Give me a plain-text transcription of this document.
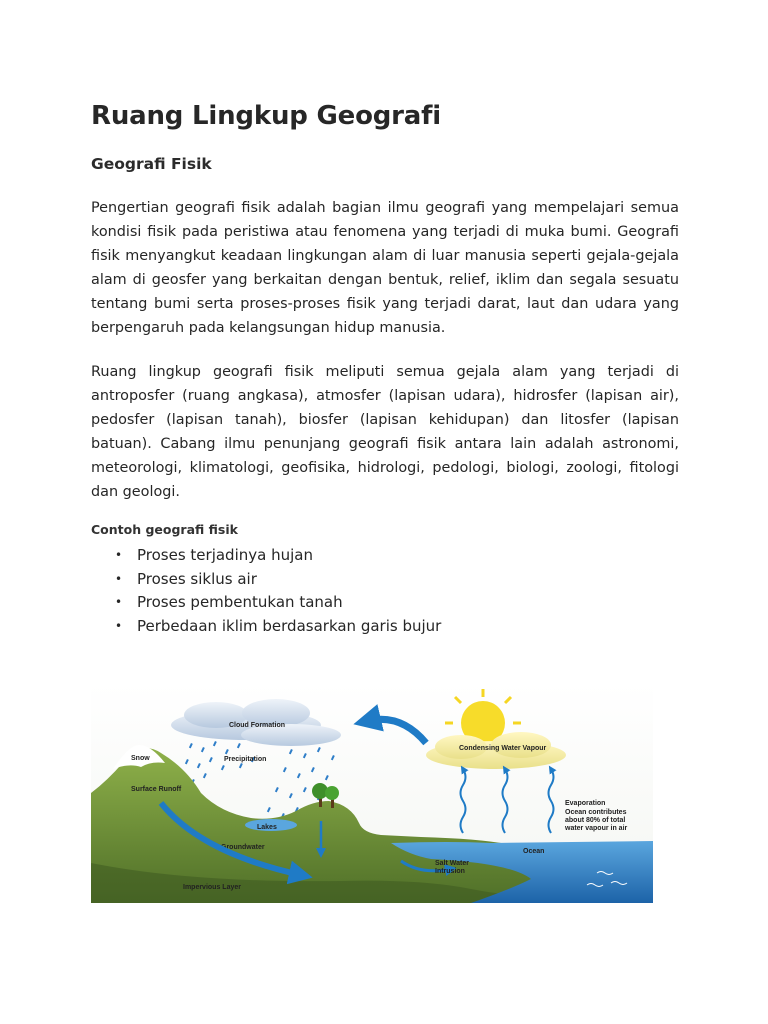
Ruang Lingkup Geografi
Geografi Fisik

Pengertian geografi fisik adalah bagian ilmu geografi yang mempelajari semua kondisi fisik pada peristiwa atau fenomena yang terjadi di muka bumi. Geografi fisik menyangkut keadaan lingkungan alam di luar manusia seperti gejala-gejala alam di geosfer yang berkaitan dengan bentuk, relief, iklim dan segala sesuatu tentang bumi serta proses-proses fisik yang terjadi darat, laut dan udara yang berpengaruh pada kelangsungan hidup manusia.

Ruang lingkup geografi fisik meliputi semua gejala alam yang terjadi di antroposfer (ruang angkasa), atmosfer (lapisan udara), hidrosfer (lapisan air), pedosfer (lapisan tanah), biosfer (lapisan kehidupan) dan litosfer (lapisan batuan). Cabang ilmu penunjang geografi fisik antara lain adalah astronomi, meteorologi, klimatologi, geofisika, hidrologi, pedologi, biologi, zoologi, fitologi dan geologi.

Contoh geografi fisik
• Proses terjadinya hujan
• Proses siklus air
• Proses pembentukan tanah
• Perbedaan iklim berdasarkan garis bujur
Condensing Water Vapour
Cloud Formation
Precipitation
Snow
Surface Runoff
Lakes
Groundwater
Impervious Layer
Ocean
Salt Water
Intrusion
Evaporation
Ocean contributes
about 80% of total
water vapour in air
